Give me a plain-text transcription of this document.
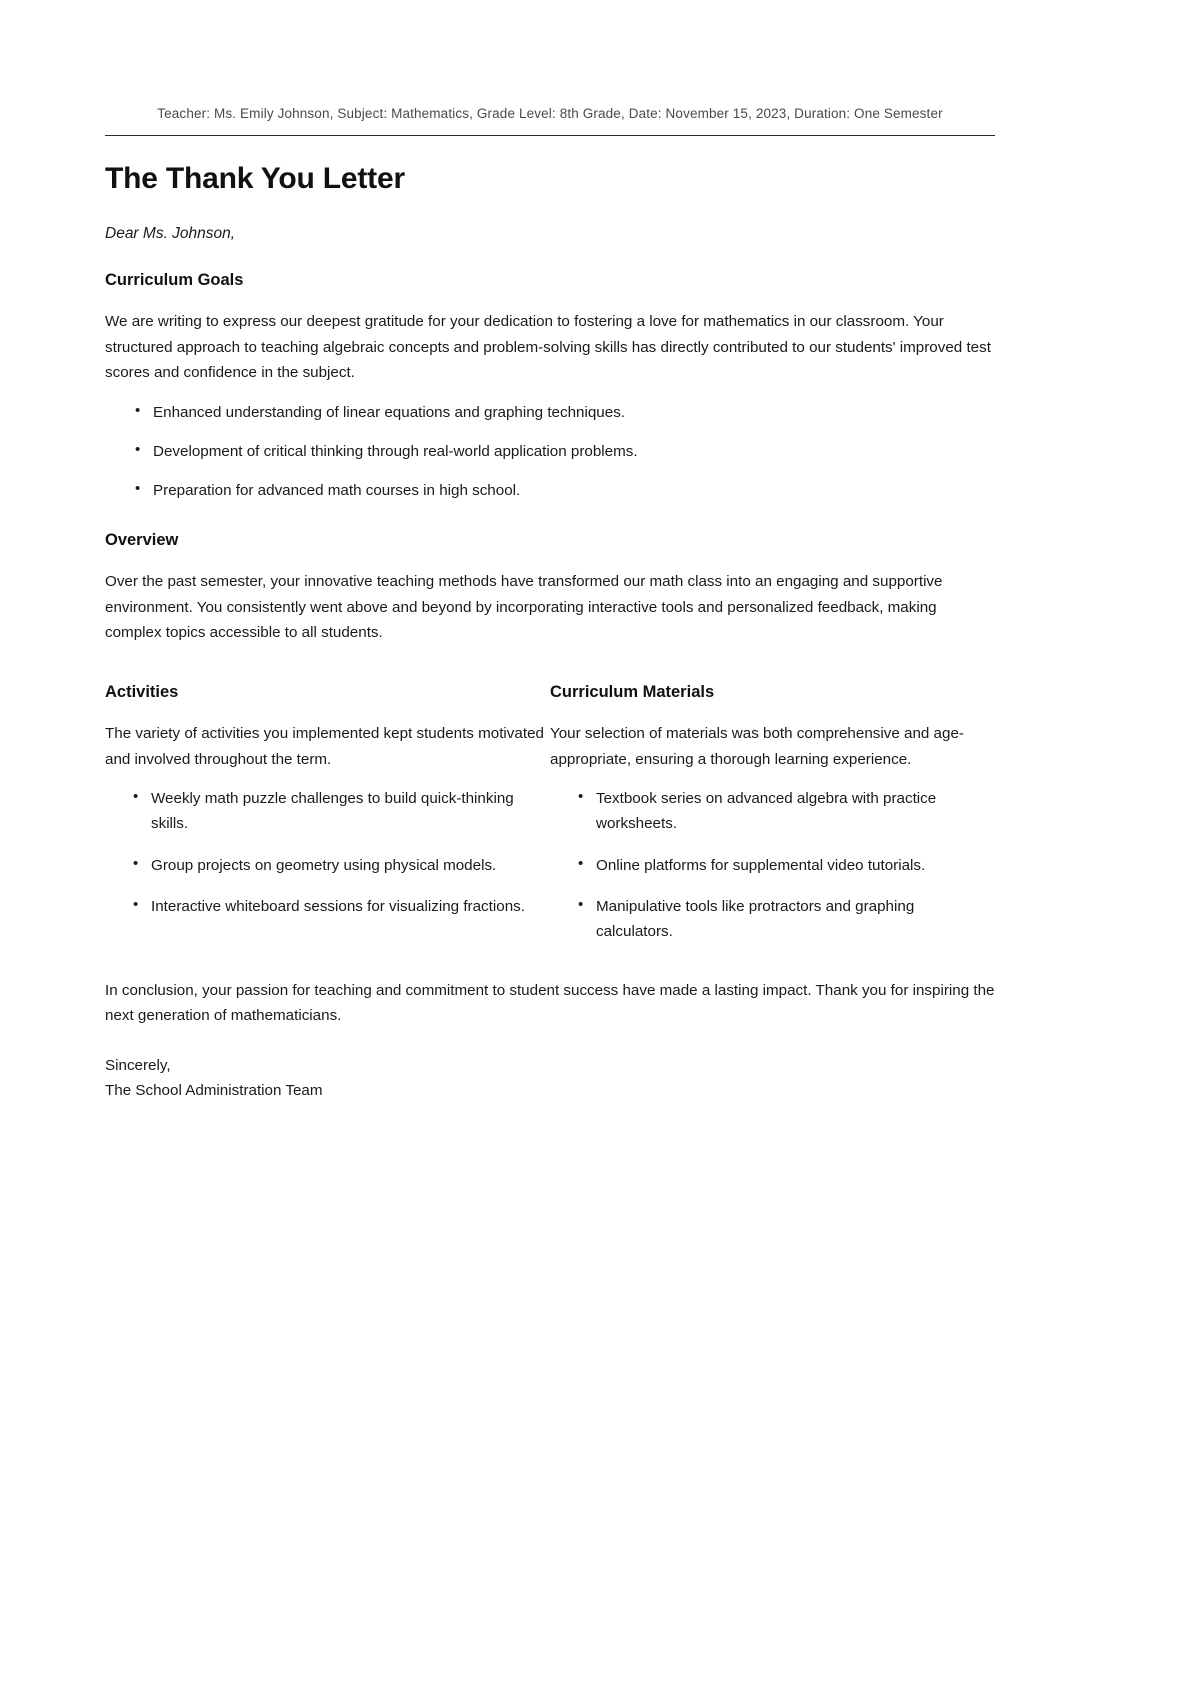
Teacher: Ms. Emily Johnson, Subject: Mathematics, Grade Level: 8th Grade, Date: November 15, 2023, Duration: One Semester
The Thank You Letter

Dear Ms. Johnson,

Curriculum Goals

We are writing to express our deepest gratitude for your dedication to fostering a love for mathematics in our classroom. Your structured approach to teaching algebraic concepts and problem-solving skills has directly contributed to our students' improved test scores and confidence in the subject.

• Enhanced understanding of linear equations and graphing techniques.
• Development of critical thinking through real-world application problems.
• Preparation for advanced math courses in high school.
Overview

Over the past semester, your innovative teaching methods have transformed our math class into an engaging and supportive environment. You consistently went above and beyond by incorporating interactive tools and personalized feedback, making complex topics accessible to all students.

Activities

The variety of activities you implemented kept students motivated and involved throughout the term.

• Weekly math puzzle challenges to build quick-thinking skills.
• Group projects on geometry using physical models.
• Interactive whiteboard sessions for visualizing fractions.
Curriculum Materials

Your selection of materials was both comprehensive and age-appropriate, ensuring a thorough learning experience.

• Textbook series on advanced algebra with practice worksheets.
• Online platforms for supplemental video tutorials.
• Manipulative tools like protractors and graphing calculators.

In conclusion, your passion for teaching and commitment to student success have made a lasting impact. Thank you for inspiring the next generation of mathematicians.

Sincerely,
The School Administration Team
